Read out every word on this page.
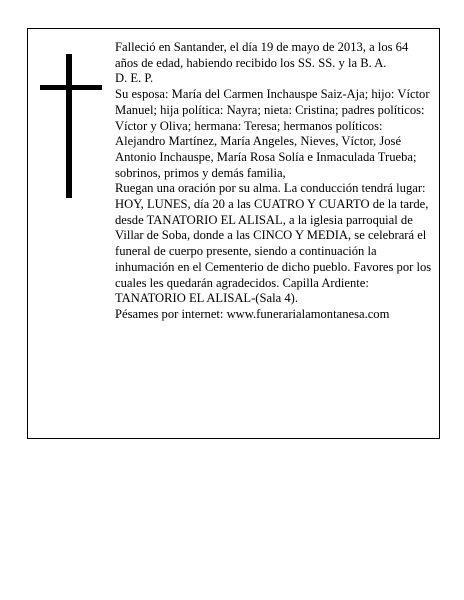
Falleció en Santander, el día 19 de mayo de 2013, a los 64 años de edad, habiendo recibido los SS. SS. y la B. A.

D. E. P.

Su esposa: María del Carmen Inchauspe Saiz-Aja; hijo: Víctor Manuel; hija política: Nayra; nieta: Cristina; padres políticos: Víctor y Oliva; hermana: Teresa; hermanos políticos: Alejandro Martínez, María Angeles, Nieves, Víctor, José Antonio Inchauspe, María Rosa Solía e Inmaculada Trueba; sobrinos, primos y demás familia,

Ruegan una oración por su alma. La conducción tendrá lugar: HOY, LUNES, día 20 a las CUATRO Y CUARTO de la tarde, desde TANATORIO EL ALISAL, a la iglesia parroquial de Villar de Soba, donde a las CINCO Y MEDIA, se celebrará el funeral de cuerpo presente, siendo a continuación la inhumación en el Cementerio de dicho pueblo. Favores por los cuales les quedarán agradecidos. Capilla Ardiente: TANATORIO EL ALISAL-(Sala 4).

Pésames por internet: www.funerarialamontanesa.com
